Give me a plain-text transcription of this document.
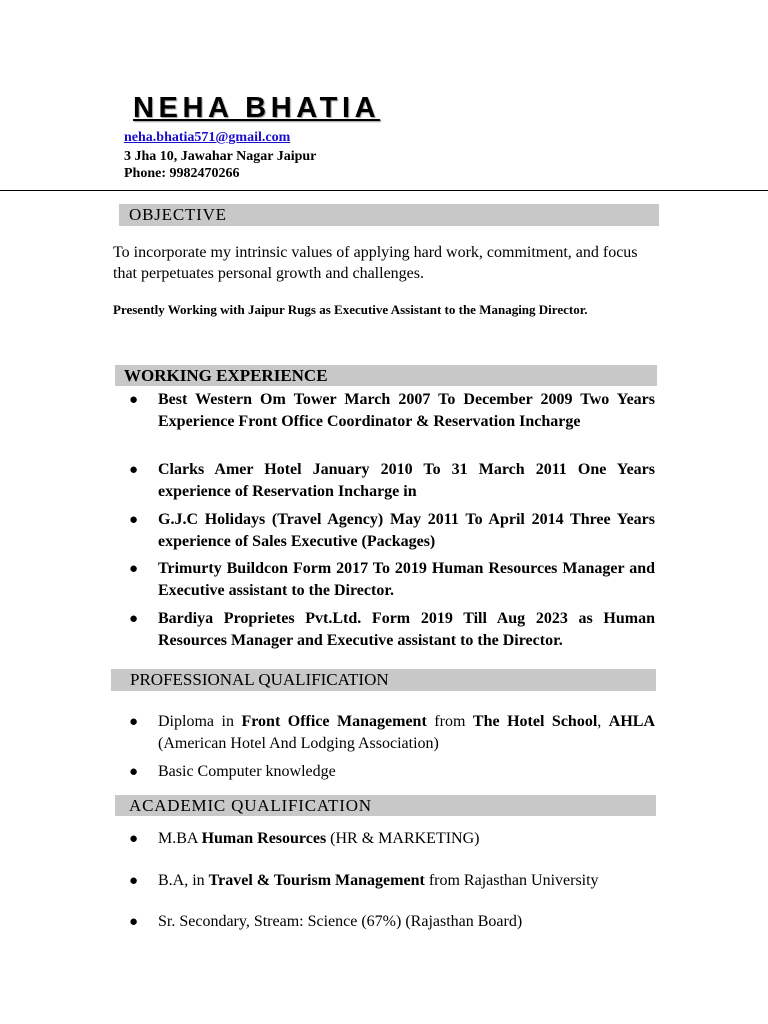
NEHA BHATIA
neha.bhatia571@gmail.com
3 Jha 10, Jawahar Nagar Jaipur
Phone: 9982470266
OBJECTIVE
To incorporate my intrinsic values of applying hard work, commitment, and focus that perpetuates personal growth and challenges.
Presently Working with Jaipur Rugs as Executive Assistant to the Managing Director.
WORKING EXPERIENCE
●	Best Western Om Tower March 2007 To December 2009 Two Years Experience Front Office Coordinator & Reservation Incharge
●	Clarks Amer Hotel January 2010 To 31 March 2011 One Years experience of Reservation Incharge in
●	G.J.C Holidays (Travel Agency) May 2011 To April 2014 Three Years experience of Sales Executive (Packages)
●	Trimurty Buildcon Form 2017 To 2019 Human Resources Manager and Executive assistant to the Director.
●	Bardiya Proprietes Pvt.Ltd. Form 2019 Till Aug 2023 as Human Resources Manager and Executive assistant to the Director.
PROFESSIONAL QUALIFICATION
●	Diploma in Front Office Management from The Hotel School, AHLA (American Hotel And Lodging Association)
●	Basic Computer knowledge
ACADEMIC QUALIFICATION
●	M.BA Human Resources (HR & MARKETING)
●	B.A, in Travel & Tourism Management from Rajasthan University
●	Sr. Secondary, Stream: Science (67%) (Rajasthan Board)
